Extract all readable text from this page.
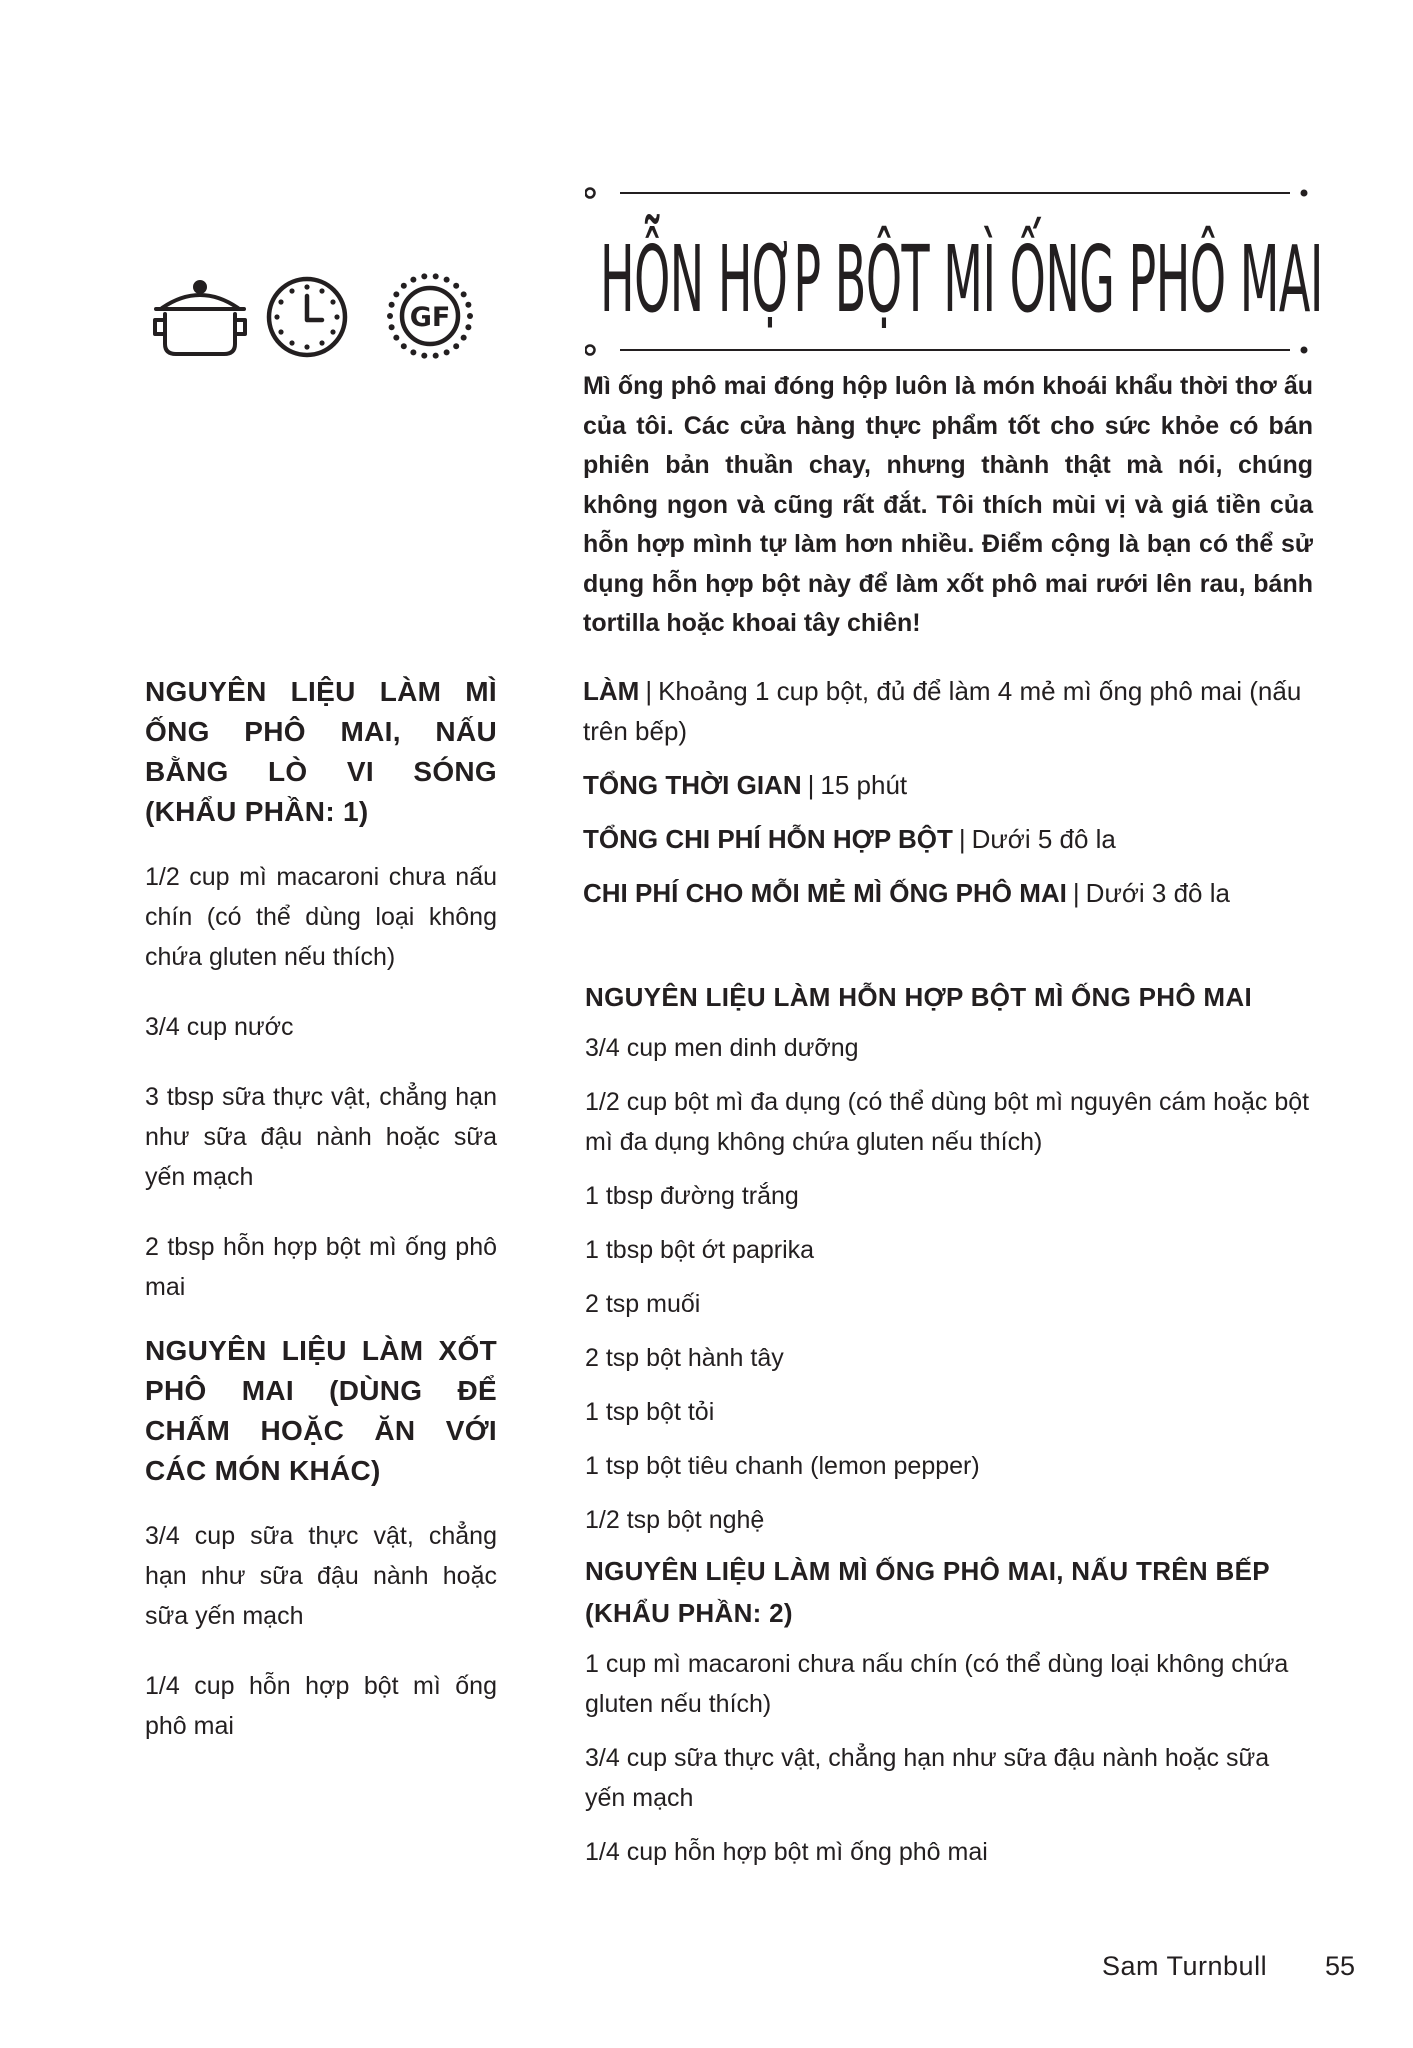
GF HỖN HỢP BỘT MÌ ỐNG PHÔ MAI

Mì ống phô mai đóng hộp luôn là món khoái khẩu thời thơ ấu của tôi. Các cửa hàng thực phẩm tốt cho sức khỏe có bán phiên bản thuần chay, nhưng thành thật mà nói, chúng không ngon và cũng rất đắt. Tôi thích mùi vị và giá tiền của hỗn hợp mình tự làm hơn nhiều. Điểm cộng là bạn có thể sử dụng hỗn hợp bột này để làm xốt phô mai rưới lên rau, bánh tortilla hoặc khoai tây chiên!

NGUYÊN LIỆU LÀM MÌ ỐNG PHÔ MAI, NẤU BẰNG LÒ VI SÓNG (KHẨU PHẦN: 1)

1/2 cup mì macaroni chưa nấu chín (có thể dùng loại không chứa gluten nếu thích)

3/4 cup nước

3 tbsp sữa thực vật, chẳng hạn như sữa đậu nành hoặc sữa yến mạch

2 tbsp hỗn hợp bột mì ống phô mai

NGUYÊN LIỆU LÀM XỐT PHÔ MAI (DÙNG ĐỂ CHẤM HOẶC ĂN VỚI CÁC MÓN KHÁC)

3/4 cup sữa thực vật, chẳng hạn như sữa đậu nành hoặc sữa yến mạch

1/4 cup hỗn hợp bột mì ống phô mai

LÀM | Khoảng 1 cup bột, đủ để làm 4 mẻ mì ống phô mai (nấu trên bếp)
TỔNG THỜI GIAN | 15 phút
TỔNG CHI PHÍ HỖN HỢP BỘT | Dưới 5 đô la
CHI PHÍ CHO MỖI MẺ MÌ ỐNG PHÔ MAI | Dưới 3 đô la
NGUYÊN LIỆU LÀM HỖN HỢP BỘT MÌ ỐNG PHÔ MAI

3/4 cup men dinh dưỡng

1/2 cup bột mì đa dụng (có thể dùng bột mì nguyên cám hoặc bột mì đa dụng không chứa gluten nếu thích)

1 tbsp đường trắng

1 tbsp bột ớt paprika

2 tsp muối

2 tsp bột hành tây

1 tsp bột tỏi

1 tsp bột tiêu chanh (lemon pepper)

1/2 tsp bột nghệ

NGUYÊN LIỆU LÀM MÌ ỐNG PHÔ MAI, NẤU TRÊN BẾP (KHẨU PHẦN: 2)

1 cup mì macaroni chưa nấu chín (có thể dùng loại không chứa gluten nếu thích)

3/4 cup sữa thực vật, chẳng hạn như sữa đậu nành hoặc sữa yến mạch

1/4 cup hỗn hợp bột mì ống phô mai

Sam Turnbull 55
